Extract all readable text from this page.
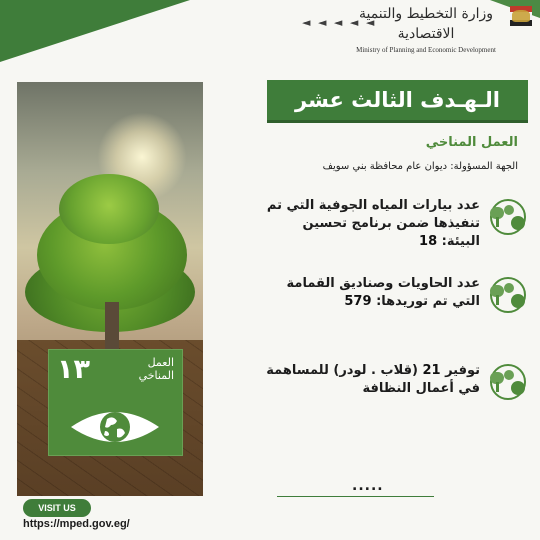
◄ ◄ ◄ ◄ ◄
وزارة التخطيط والتنمية الاقتصادية
Ministry of Planning and Economic Development
١٣	العمل المناخي
VISIT US
https://mped.gov.eg/
الـهـدف الثالث عشر
العمل المناخي
الجهة المسؤولة: ديوان عام محافظة بني سويف
عدد بيارات المياه الجوفية التي تم تنفيذها ضمن برنامج تحسين البيئة: 18
عدد الحاويات وصناديق القمامة التي تم توريدها: 579
توفير 21 (قلاب . لودر) للمساهمة في أعمال النظافة
.....
